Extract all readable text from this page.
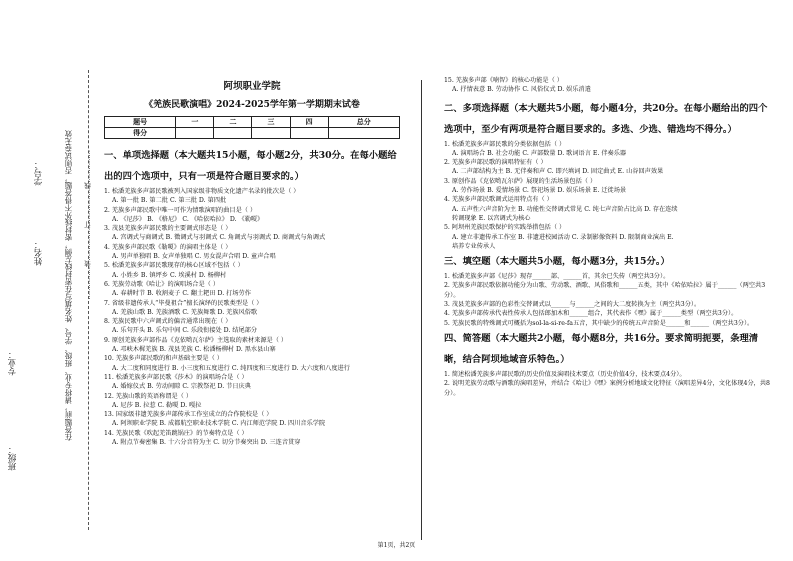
班级：
专业：
学号：
姓名：	在答题前，请将专业、班级、学号、姓名填写在密封线左侧，密封线外不得答题，否则试卷无效 ……………装……………订……………线……………
阿坝职业学院
《羌族民歌演唱》2024-2025学年第一学期期末试卷
题号	一	二	三	四	总分
得分					
一、单项选择题（本大题共15小题，每小题2分，共30分。在每小题给出的四个选项中，只有一项是符合题目要求的。）
1. 松潘羌族多声部民歌被列入国家级非物质文化遗产名录的批次是（ ）
A. 第一批 B. 第二批 C. 第三批 D. 第四批
2. 羌族多声部民歌中唯一可作为情歌演唱的曲目是（ ）
A. 《尼莎》 B. 《格尼》 C. 《哈依哈拉》 D. 《勒嗄》
3. 茂县羌族多声部民歌的主要调式形态是（ ）
A. 宫调式与商调式 B. 徵调式与羽调式 C. 角调式与羽调式 D. 商调式与角调式
4. 羌族多声部民歌《勒嗄》的演唱主体是（ ）
A. 男声单独唱 B. 女声单独唱 C. 男女混声合唱 D. 童声合唱
5. 松潘羌族多声部民歌现存的核心区域不包括（ ）
A. 小姓乡 B. 镇坪乡 C. 埃溪村 D. 杨柳村
6. 羌族劳动歌《哈让》的演唱场合是（ ）
A. 春耕时节 B. 收割麦子 C. 翻土耙田 D. 打场劳作
7. 省级非遗传承人“毕曼祖合”擅长演绎的民歌类型是（ ）
A. 羌族山歌 B. 羌族酒歌 C. 羌族舞歌 D. 羌族风俗歌
8. 羌族民歌中六声调式的偏音通常出现在（ ）
A. 乐句开头 B. 乐句中间 C. 乐段衔接处 D. 结尾部分
9. 原创羌族多声部作品《克依哟瓦尔萨》主选取的素材来源是（ ）
A. 邛峡木樨羌族 B. 茂县羌族 C. 松潘杨柳村 D. 黑水县山寨
10. 羌族多声部民歌的和声基础主要是（ ）
A. 大二度和同度进行 B. 小三度和五度进行 C. 纯四度和三度进行 D. 大六度和八度进行
11. 松潘羌族多声部民歌《莎木》的演唱场合是（ ）
A. 婚嫁仪式 B. 劳动间隙 C. 宗教祭祀 D. 节日庆典
12. 羌族山歌的英语称谓是（ ）
A. 尼莎 B. 拉惹 C. 勒嗄 D. 嘎拉
13. 国家级非遗羌族多声部传承工作室成立的合作院校是（ ）
A. 阿坝职业学院 B. 成都航空职业技术学院 C. 内江师范学院 D. 四川音乐学院
14. 羌族民歌《吹起羌笛跳锅庄》的节奏特点是（ ）
A. 附点节奏密集 B. 十六分音符为主 C. 切分节奏突出 D. 三连音贯穿
15. 羌族多声部《喃智》的核心功能是（ ）
A. 抒情表意 B. 劳动协作 C. 风俗仪式 D. 娱乐消遣
二、多项选择题（本大题共5小题，每小题4分，共20分。在每小题给出的四个选项中，至少有两项是符合题目要求的。多选、少选、错选均不得分。）
1. 松潘羌族多声部民歌的分类依据包括（ ）
A. 演唱场合 B. 社会功能 C. 声部数量 D. 歌词语言 E. 伴奏乐器
2. 羌族多声部民歌的演唱特征有（ ）
A. 二声部结构为主 B. 无伴奏和声 C. 即兴填词 D. 固定曲式 E. 山谷回声效果
3. 原创作品《克依哟瓦尔萨》展现的生活场景包括（ ）
A. 劳作场景 B. 爱情场景 C. 祭祀场景 D. 娱乐场景 E. 迁徙场景
4. 羌族多声部民歌调式运用特点有（ ）
A. 五声性六声音阶为主 B. 功能性交替调式常见 C. 纯七声音阶占比高 D. 存在连续
转调现象 E. 以宫调式为核心
5. 阿坝州羌族民歌保护的实践举措包括（ ）
A. 建立非遗传承工作室 B. 非遗进校园活动 C. 录制影像资料 D. 限制商业演出 E.
培养专业传承人
三、填空题（本大题共5小题，每小题3分，共15分。）
1. 松潘羌族多声部《尼莎》现存______部、______首，其余已失传（两空共3分）。
2. 羌族多声部民歌依据功能分为山歌、劳动歌、酒歌、风俗歌和______五类，其中《哈依哈拉》属于______（两空共3分）。
3. 茂县羌族多声部的色彩性交替调式以______与______之间的大二度转换为主（两空共3分）。
4. 羌族多声部传承代表性传承人包括郎加木和______组合，其代表作《嘿》属于______类型（两空共3分）。
5. 羌族民歌的特殊调式可概括为sol-la-si-re-fa五音，其中缺少的传统五声音阶是______和______（两空共3分）。
四、简答题（本大题共2小题，每小题8分，共16分。要求简明扼要，条理清晰，结合阿坝地域音乐特色。）
1. 简述松潘羌族多声部民歌的历史价值及演唱技术要点（历史价值4分，技术要点4分）。
2. 说明羌族劳动歌与酒歌的演唱差异，并结合《哈让》《嘿》案例分析地域文化特征（演唱差异4分，文化体现4分，共8分）。
第1页，共2页
